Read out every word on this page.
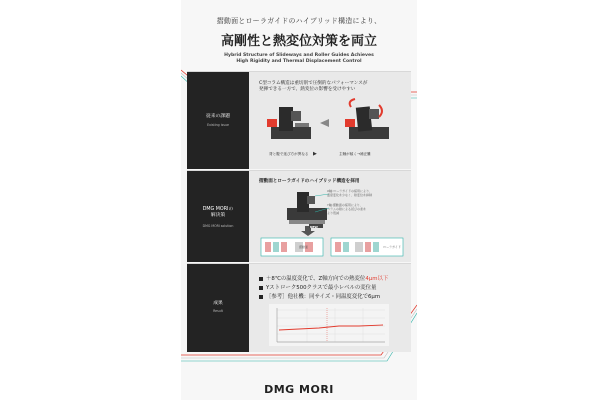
摺動面とローラガイドのハイブリッド構造により、
高剛性と熱変位対策を両立
Hybrid Structure of Slideways and Roller Guides Achieves
High Rigidity and Thermal Displacement Control
従来の課題
Existing issue
C型コラム構造は重切削で圧倒的なパフォーマンスが
発揮できる一方で、熱変位の影響を受けやすい
背と腹で延び方が異なる ▶	主軸が傾く→補正難
DMG MORIの
解決策
DMG MORI solution
摺動面とローラガイドのハイブリッド構造を採用
X軸:ローラガイドの採用により、
温度変化を少なく、熱変位を抑制
Y軸:摺動面の採用により、
コラムの熱による延びの差を
より低減
NEW
摺動面	ローラガイド
成果
Result
＋8℃の温度変化で、Z軸方向での熱変位4μm以下
Yストローク500クラスで最小レベルの変位量
［参考］他社機：同サイズ・同温度変化で6μm
DMG MORI
